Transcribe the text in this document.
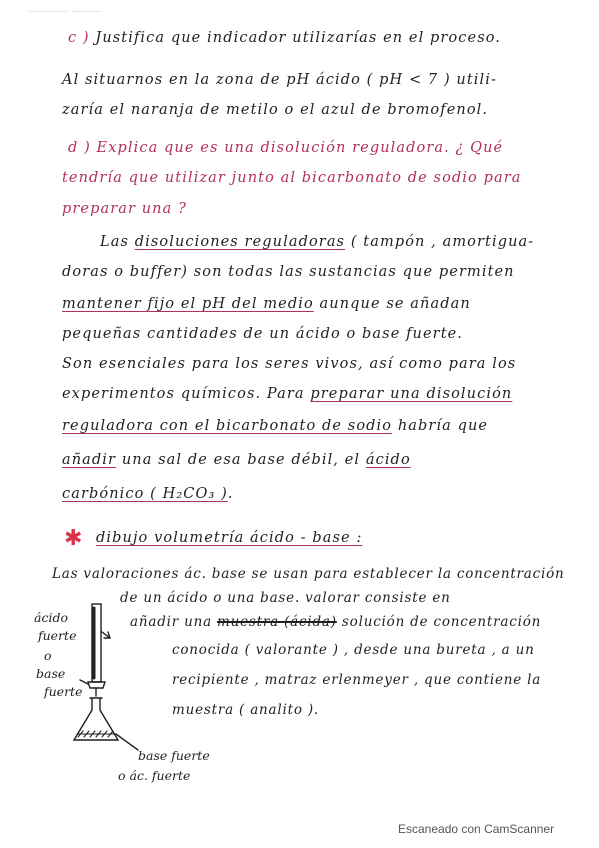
———— ———
c ) Justifica que indicador utilizarías en el proceso.
Al situarnos en la zona de pH ácido ( pH < 7 ) utili-
zaría el naranja de metilo o el azul de bromofenol.
d ) Explica que es una disolución reguladora. ¿ Qué
tendría que utilizar junto al bicarbonato de sodio para
preparar una ?
Las disoluciones reguladoras ( tampón , amortigua-
doras o buffer) son todas las sustancias que permiten
mantener fijo el pH del medio aunque se añadan
pequeñas cantidades de un ácido o base fuerte.
Son esenciales para los seres vivos, así como para los
experimentos químicos. Para preparar una disolución
reguladora con el bicarbonato de sodio habría que
añadir una sal de esa base débil, el ácido
carbónico ( H₂CO₃ ).
✱ dibujo volumetría ácido - base :
Las valoraciones ác. base se usan para establecer la concentración
de un ácido o una base. valorar consiste en
añadir una muestra (ácida) solución de concentración
conocida ( valorante ) , desde una bureta , a un
recipiente , matraz erlenmeyer , que contiene la
muestra ( analito ).
ácido
fuerte
o
base
fuerte
base fuerte
o ác. fuerte
Escaneado con CamScanner
